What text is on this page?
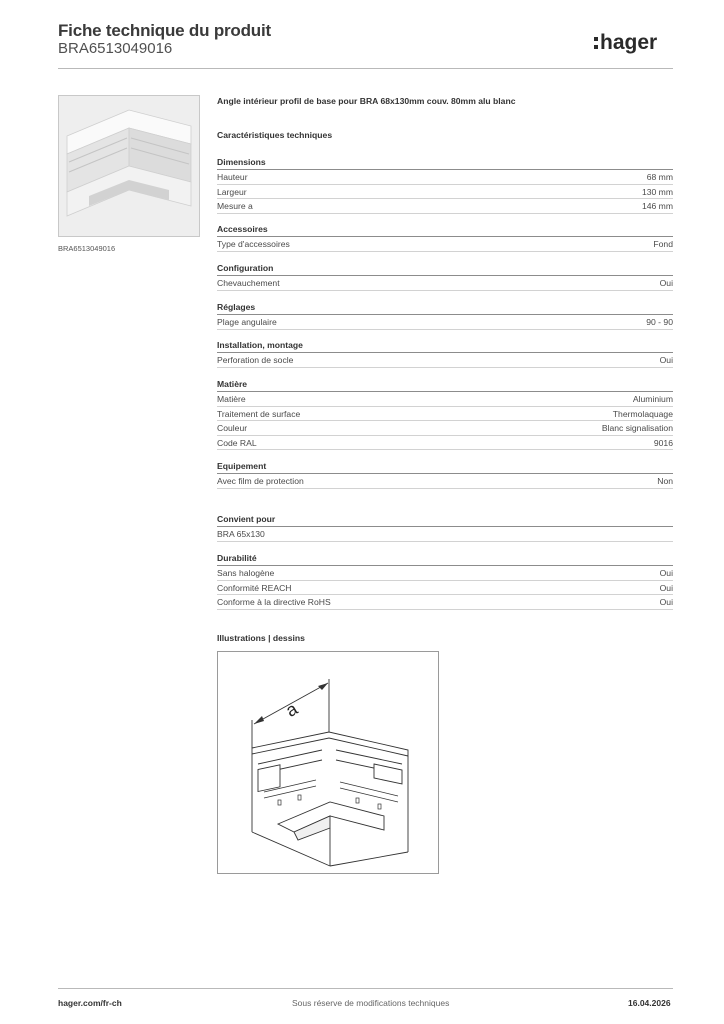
Fiche technique du produit
BRA6513049016	hager
BRA6513049016
Angle intérieur profil de base pour BRA 68x130mm couv. 80mm alu blanc
Caractéristiques techniques
Dimensions
Hauteur	68 mm
Largeur	130 mm
Mesure a	146 mm
Accessoires
Type d'accessoires	Fond
Configuration
Chevauchement	Oui
Réglages
Plage angulaire	90 - 90
Installation, montage
Perforation de socle	Oui
Matière
Matière	Aluminium
Traitement de surface	Thermolaquage
Couleur	Blanc signalisation
Code RAL	9016
Equipement
Avec film de protection	Non
Convient pour
BRA 65x130
Durabilité
Sans halogène	Oui
Conformité REACH	Oui
Conforme à la directive RoHS	Oui
Illustrations | dessins
a
hager.com/fr-ch	Sous réserve de modifications techniques	16.04.2026
